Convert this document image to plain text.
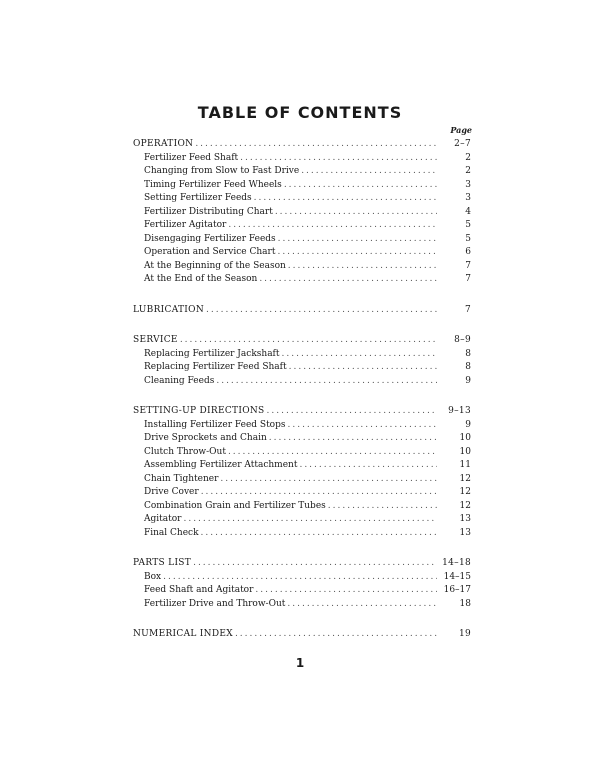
TABLE OF CONTENTS
Page
OPERATION .....	2–7
Fertilizer Feed Shaft .....	2
Changing from Slow to Fast Drive .....	2
Timing Fertilizer Feed Wheels .....	3
Setting Fertilizer Feeds .....	3
Fertilizer Distributing Chart .....	4
Fertilizer Agitator .....	5
Disengaging Fertilizer Feeds .....	5
Operation and Service Chart .....	6
At the Beginning of the Season .....	7
At the End of the Season .....	7
LUBRICATION .....	7
SERVICE .....	8–9
Replacing Fertilizer Jackshaft .....	8
Replacing Fertilizer Feed Shaft .....	8
Cleaning Feeds .....	9
SETTING-UP DIRECTIONS .....	9–13
Installing Fertilizer Feed Stops .....	9
Drive Sprockets and Chain .....	10
Clutch Throw-Out .....	10
Assembling Fertilizer Attachment .....	11
Chain Tightener .....	12
Drive Cover .....	12
Combination Grain and Fertilizer Tubes .....	12
Agitator .....	13
Final Check .....	13
PARTS LIST .....	14–18
Box .....	14–15
Feed Shaft and Agitator .....	16–17
Fertilizer Drive and Throw-Out .....	18
NUMERICAL INDEX .....	19
1
